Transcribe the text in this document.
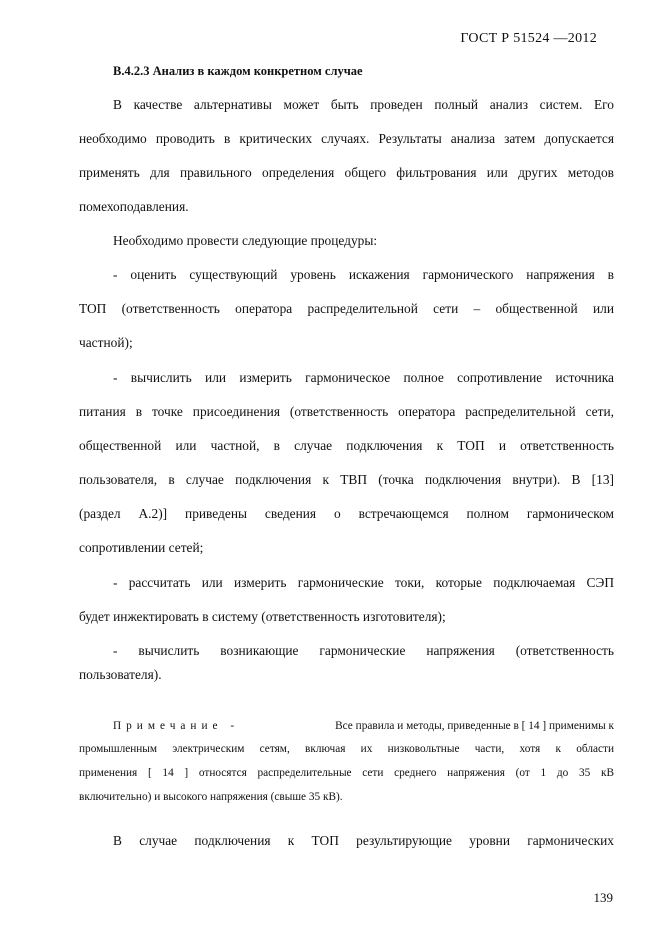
ГОСТ Р 51524 —2012
В.4.2.3 Анализ в каждом конкретном случае
В качестве альтернативы может быть проведен полный анализ систем. Его
необходимо проводить в критических случаях. Результаты анализа затем допускается
применять для правильного определения общего фильтрования или других методов
помехоподавления.
Необходимо провести следующие процедуры:
- оценить существующий уровень искажения гармонического напряжения в
ТОП (ответственность оператора распределительной сети – общественной или
частной);
- вычислить или измерить гармоническое полное сопротивление источника
питания в точке присоединения (ответственность оператора распределительной сети,
общественной или частной, в случае подключения к ТОП и ответственность
пользователя, в случае подключения к ТВП (точка подключения внутри). В [13]
(раздел А.2)] приведены сведения о встречающемся полном гармоническом
сопротивлении сетей;
- рассчитать или измерить гармонические токи, которые подключаемая СЭП
будет инжектировать в систему (ответственность изготовителя);
- вычислить возникающие гармонические напряжения (ответственность
пользователя).
Примечание -	Все правила и методы, приведенные в [ 14 ] применимы к
промышленным электрическим сетям, включая их низковольтные части, хотя к области
применения [ 14 ] относятся распределительные сети среднего напряжения (от 1 до 35 кВ
включительно) и высокого напряжения (свыше 35 кВ).
В случае подключения к ТОП результирующие уровни гармонических
139
